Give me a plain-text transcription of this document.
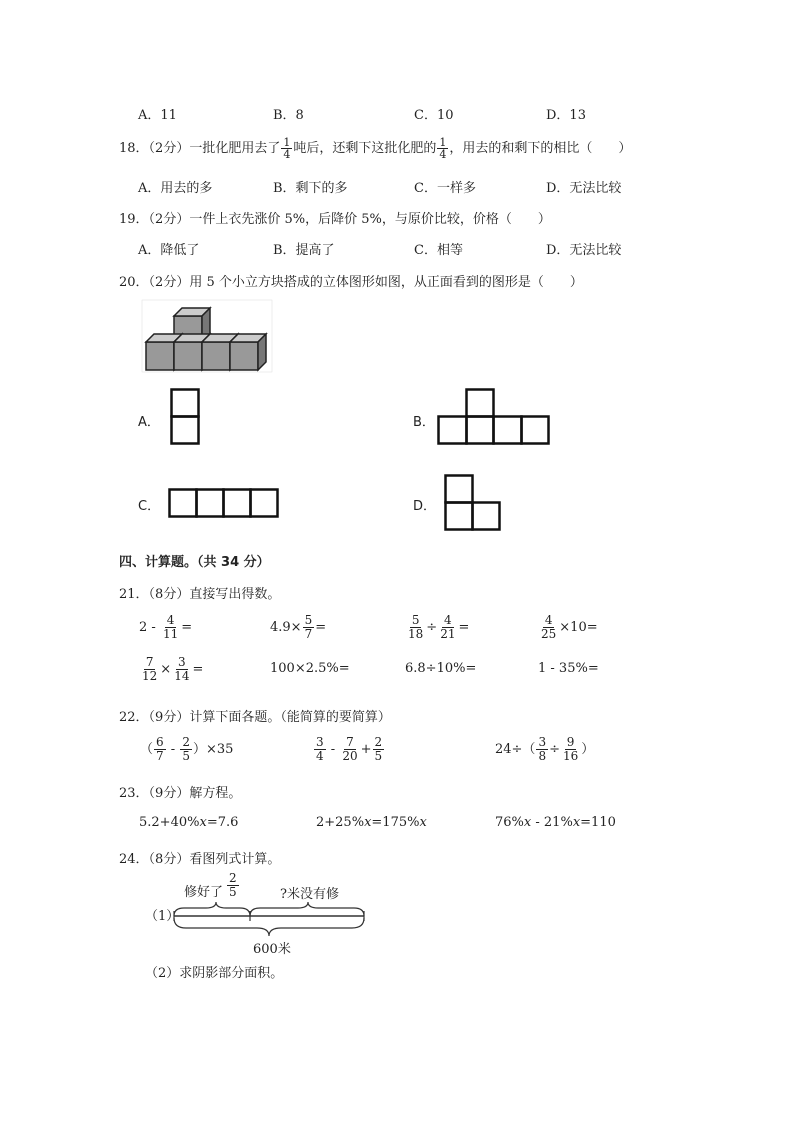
A．11	B．8	C．10	D．13
18．（2分）一批化肥用去了 $\frac{1}{4}$ 吨后，还剩下这批化肥的 $\frac{1}{4}$ ，用去的和剩下的相比（　　）
A．用去的多	B．剩下的多	C．一样多	D．无法比较
19．（2分）一件上衣先涨价 5%，后降价 5%，与原价比较，价格（　　）
A．降低了	B．提高了	C．相等	D．无法比较
20．（2分）用 5 个小立方块搭成的立体图形如图，从正面看到的图形是（　　）
A．	B．
C．	D．
四、计算题。（共 34 分）
21．（8分）直接写出得数。
$2 - \frac{4}{11}$ =	$4.9\times \frac{5}{7}$ =	$\frac{5}{18} \div \frac{4}{21}$ =	$\frac{4}{25} \times 10=$
$\frac{7}{12} \times \frac{3}{14}$ =	100×2.5%=	6.8÷10%=	1 - 35%=
22．（9分）计算下面各题。（能简算的要简算）
（ $\frac{6}{7} - \frac{2}{5} )\times 35$	$\frac{3}{4} - \frac{7}{20} + \frac{2}{5}$	$24\div( \frac{3}{8} \div \frac{9}{16}$ ）
23．（9分）解方程。
5.2+40%x=7.6	2+25%x=175%x	76%x - 21%x=110
24．（8分）看图列式计算。
（1）
修好了 $\frac{2}{5}$	?米没有修
600米
（2）求阴影部分面积。
